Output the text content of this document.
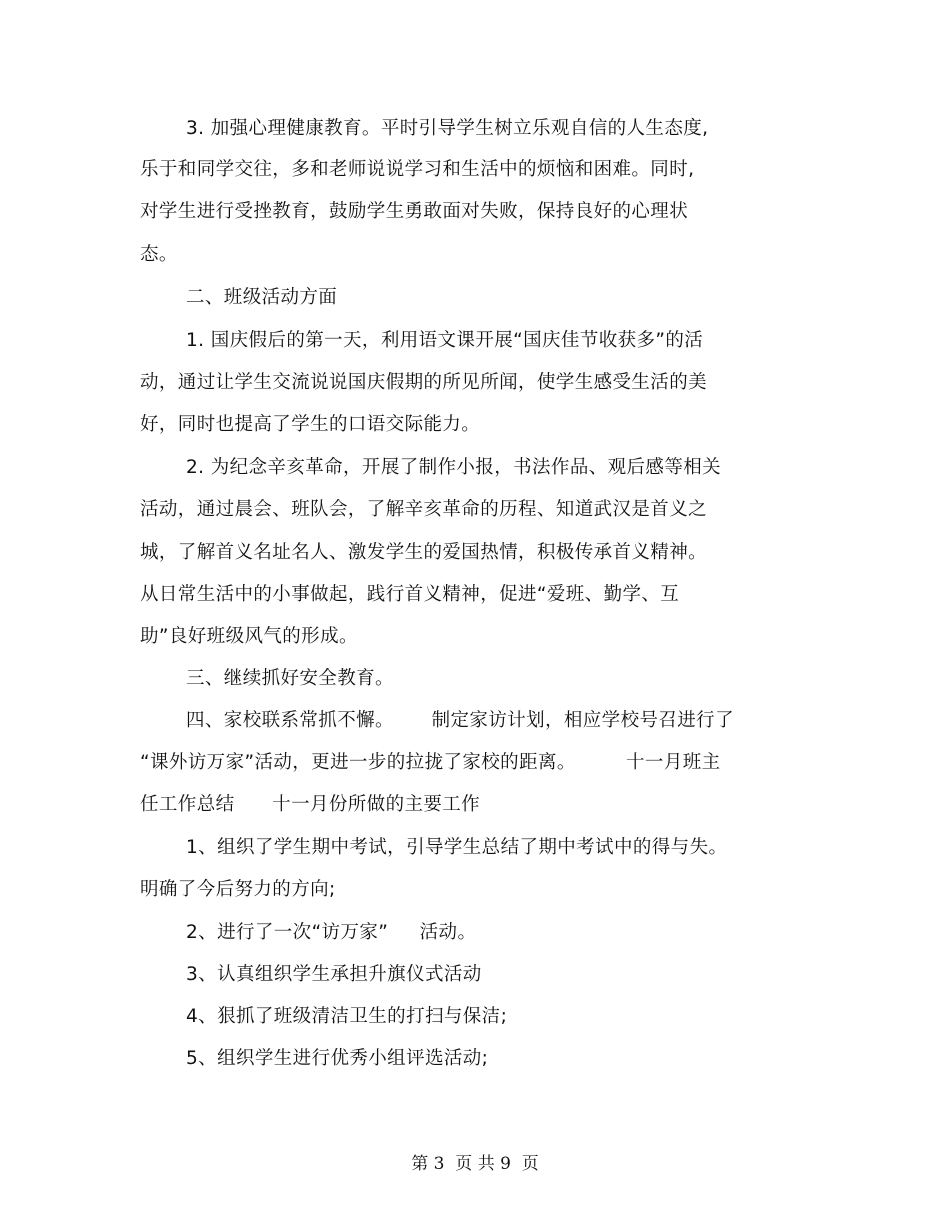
3. 加强心理健康教育。平时引导学生树立乐观自信的人生态度,
乐于和同学交往，多和老师说说学习和生活中的烦恼和困难。同时,
对学生进行受挫教育，鼓励学生勇敢面对失败，保持良好的心理状
态。
二、班级活动方面
1. 国庆假后的第一天，利用语文课开展“国庆佳节收获多”的活
动，通过让学生交流说说国庆假期的所见所闻，使学生感受生活的美
好，同时也提高了学生的口语交际能力。
2. 为纪念辛亥革命，开展了制作小报，书法作品、观后感等相关
活动，通过晨会、班队会，了解辛亥革命的历程、知道武汉是首义之
城，了解首义名址名人、激发学生的爱国热情，积极传承首义精神。
从日常生活中的小事做起，践行首义精神，促进“爱班、勤学、互
助”良好班级风气的形成。
三、继续抓好安全教育。
四、家校联系常抓不懈。      制定家访计划，相应学校号召进行了
“课外访万家”活动，更进一步的拉拢了家校的距离。        十一月班主
任工作总结      十一月份所做的主要工作
1、组织了学生期中考试，引导学生总结了期中考试中的得与失。
明确了今后努力的方向;
2、进行了一次“访万家”     活动。
3、认真组织学生承担升旗仪式活动
4、狠抓了班级清洁卫生的打扫与保洁;
5、组织学生进行优秀小组评选活动;
第 3  页 共 9  页
